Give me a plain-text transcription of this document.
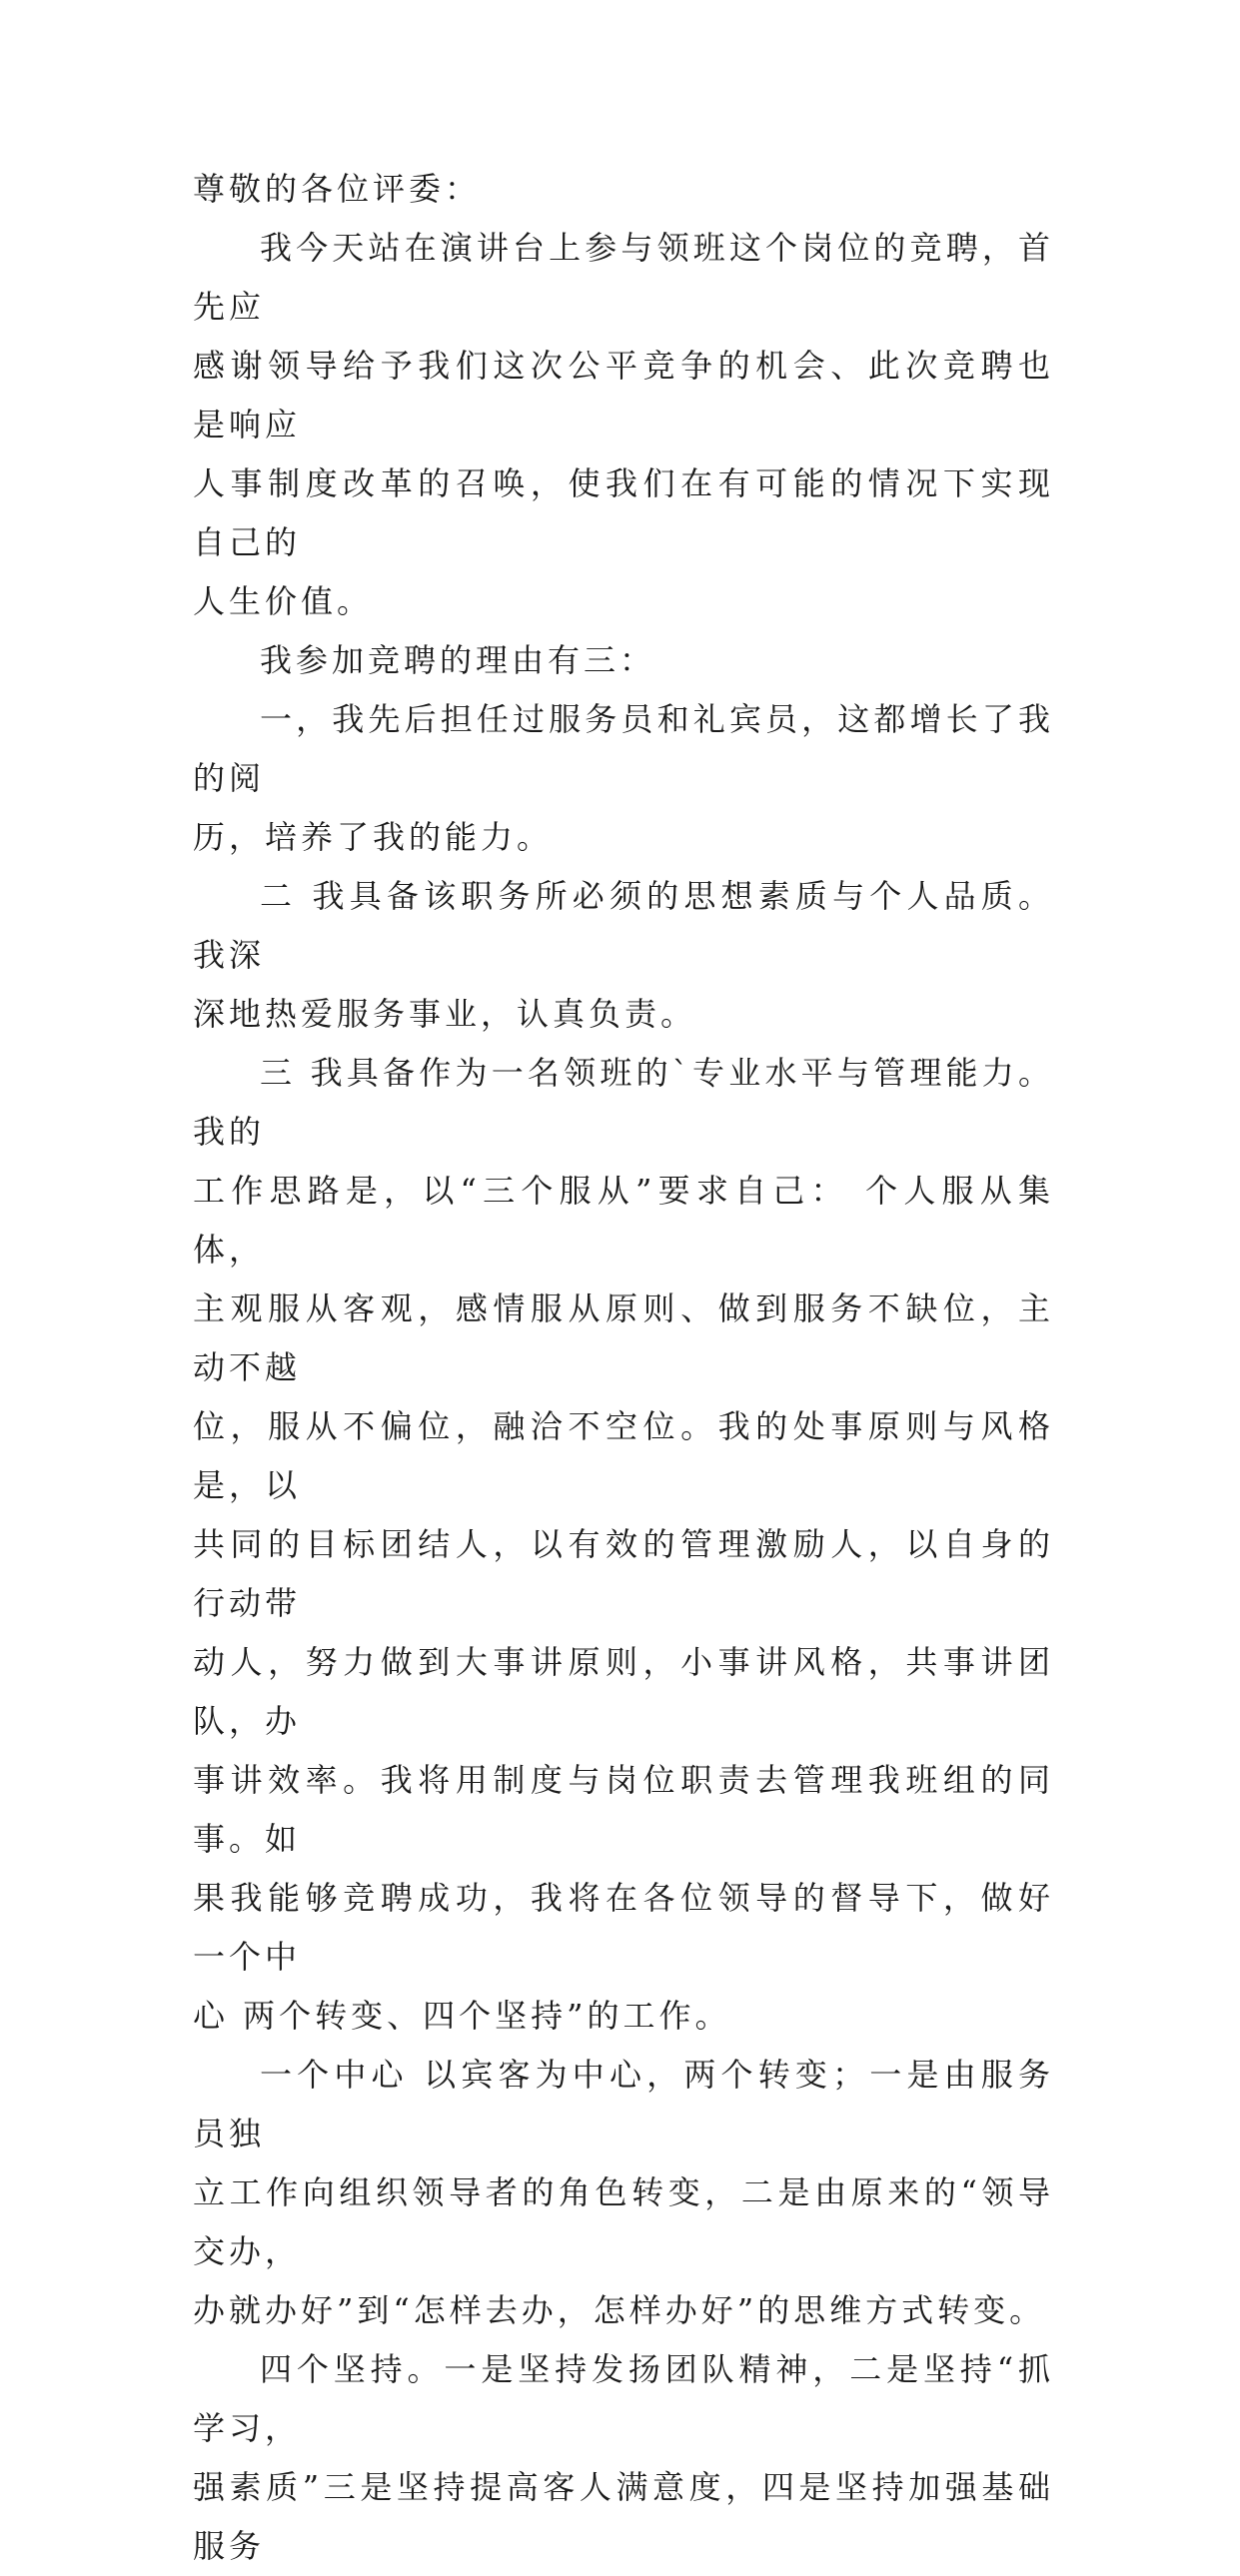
尊敬的各位评委：

我今天站在演讲台上参与领班这个岗位的竞聘，首先应
感谢领导给予我们这次公平竞争的机会、此次竞聘也是响应
人事制度改革的召唤，使我们在有可能的情况下实现自己的
人生价值。

我参加竞聘的理由有三：

一，我先后担任过服务员和礼宾员，这都增长了我的阅
历，培养了我的能力。

二 我具备该职务所必须的思想素质与个人品质。我深
深地热爱服务事业，认真负责。

三 我具备作为一名领班的`专业水平与管理能力。我的
工作思路是，以“三个服从”要求自己： 个人服从集体，
主观服从客观，感情服从原则、做到服务不缺位，主动不越
位，服从不偏位，融洽不空位。我的处事原则与风格是，以
共同的目标团结人，以有效的管理激励人，以自身的行动带
动人，努力做到大事讲原则，小事讲风格，共事讲团队，办
事讲效率。我将用制度与岗位职责去管理我班组的同事。如
果我能够竞聘成功，我将在各位领导的督导下，做好一个中
心 两个转变、四个坚持”的工作。

一个中心 以宾客为中心，两个转变；一是由服务员独
立工作向组织领导者的角色转变，二是由原来的“领导交办，
办就办好”到“怎样去办，怎样办好”的思维方式转变。

四个坚持。一是坚持发扬团队精神，二是坚持“抓学习，
强素质”三是坚持提高客人满意度，四是坚持加强基础服务
